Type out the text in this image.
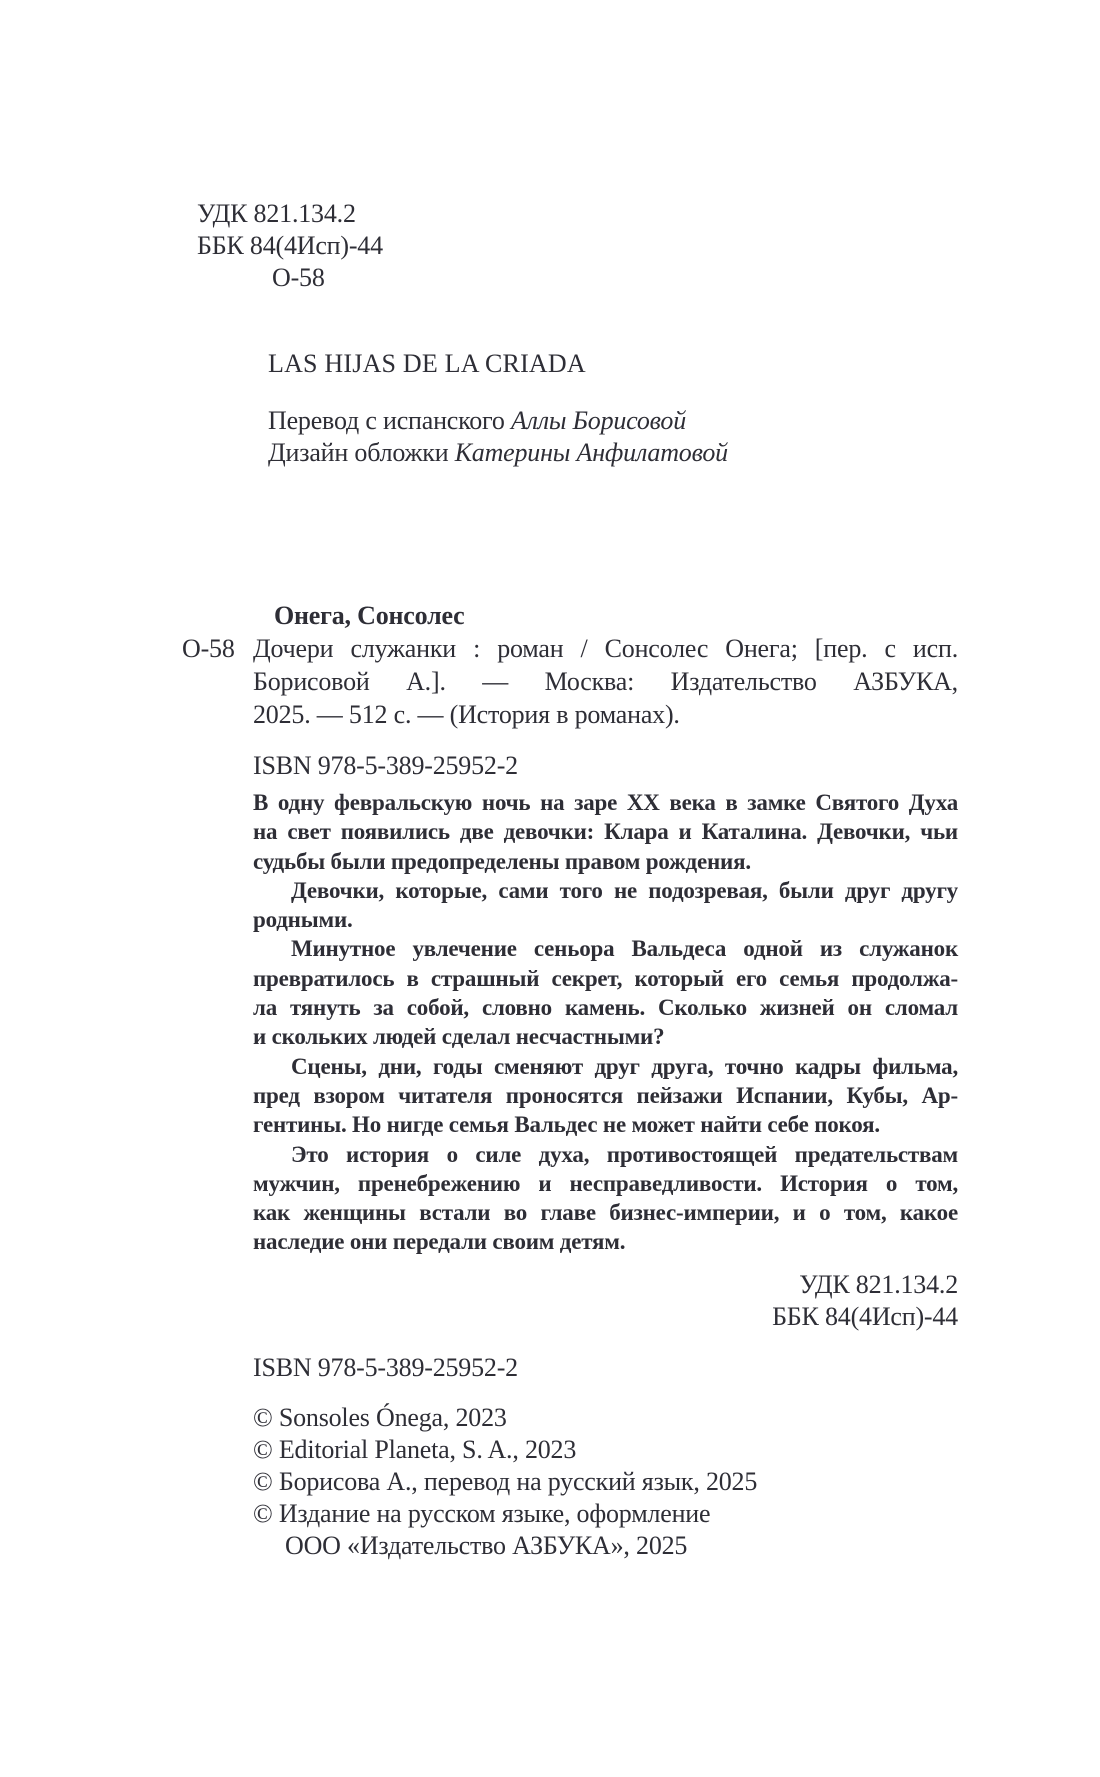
УДК 821.134.2
ББК 84(4Исп)-44
О-58
LAS HIJAS DE LA CRIADA
Перевод с испанского Аллы Борисовой
Дизайн обложки Катерины Анфилатовой
Онега, Сонсолес
О-58 Дочери служанки : роман / Сонсолес Онега; [пер. с исп.
Борисовой А.]. — Москва: Издательство АЗБУКА,
2025. — 512 с. — (История в романах).
ISBN 978-5-389-25952-2
В одну февральскую ночь на заре XX века в замке Святого Духа
на свет появились две девочки: Клара и Каталина. Девочки, чьи
судьбы были предопределены правом рождения.
Девочки, которые, сами того не подозревая, были друг другу
родными.
Минутное увлечение сеньора Вальдеса одной из служанок
превратилось в страшный секрет, который его семья продолжа-
ла тянуть за собой, словно камень. Сколько жизней он сломал
и скольких людей сделал несчастными?
Сцены, дни, годы сменяют друг друга, точно кадры фильма,
пред взором читателя проносятся пейзажи Испании, Кубы, Ар-
гентины. Но нигде семья Вальдес не может найти себе покоя.
Это история о силе духа, противостоящей предательствам
мужчин, пренебрежению и несправедливости. История о том,
как женщины встали во главе бизнес-империи, и о том, какое
наследие они передали своим детям.
УДК 821.134.2
ББК 84(4Исп)-44
ISBN 978-5-389-25952-2
© Sonsoles Ónega, 2023
© Editorial Planeta, S. A., 2023
© Борисова А., перевод на русский язык, 2025
© Издание на русском языке, оформление
ООО «Издательство АЗБУКА», 2025
